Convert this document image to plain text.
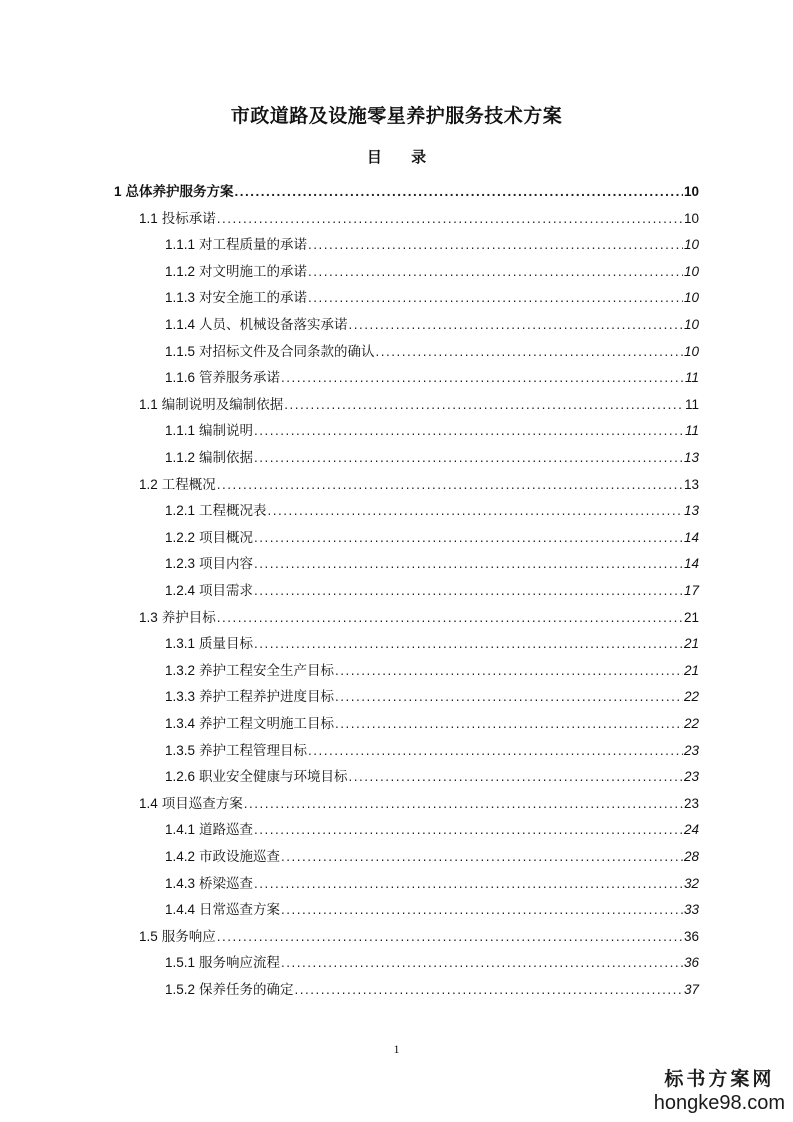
市政道路及设施零星养护服务技术方案
目 录
1 总体养护服务方案 .....	10
1.1 投标承诺 .....	10
1.1.1 对工程质量的承诺 .....	10
1.1.2 对文明施工的承诺 .....	10
1.1.3 对安全施工的承诺 .....	10
1.1.4 人员、机械设备落实承诺 .....	10
1.1.5 对招标文件及合同条款的确认 .....	10
1.1.6 管养服务承诺 .....	11
1.1 编制说明及编制依据 .....	11
1.1.1 编制说明 .....	11
1.1.2 编制依据 .....	13
1.2 工程概况 .....	13
1.2.1 工程概况表 .....	13
1.2.2 项目概况 .....	14
1.2.3 项目内容 .....	14
1.2.4 项目需求 .....	17
1.3 养护目标 .....	21
1.3.1 质量目标 .....	21
1.3.2 养护工程安全生产目标 .....	21
1.3.3 养护工程养护进度目标 .....	22
1.3.4 养护工程文明施工目标 .....	22
1.3.5 养护工程管理目标 .....	23
1.2.6 职业安全健康与环境目标 .....	23
1.4 项目巡查方案 .....	23
1.4.1 道路巡查 .....	24
1.4.2 市政设施巡查 .....	28
1.4.3 桥梁巡查 .....	32
1.4.4 日常巡查方案 .....	33
1.5 服务响应 .....	36
1.5.1 服务响应流程 .....	36
1.5.2 保养任务的确定 .....	37
1
标书方案网
hongke98.com
